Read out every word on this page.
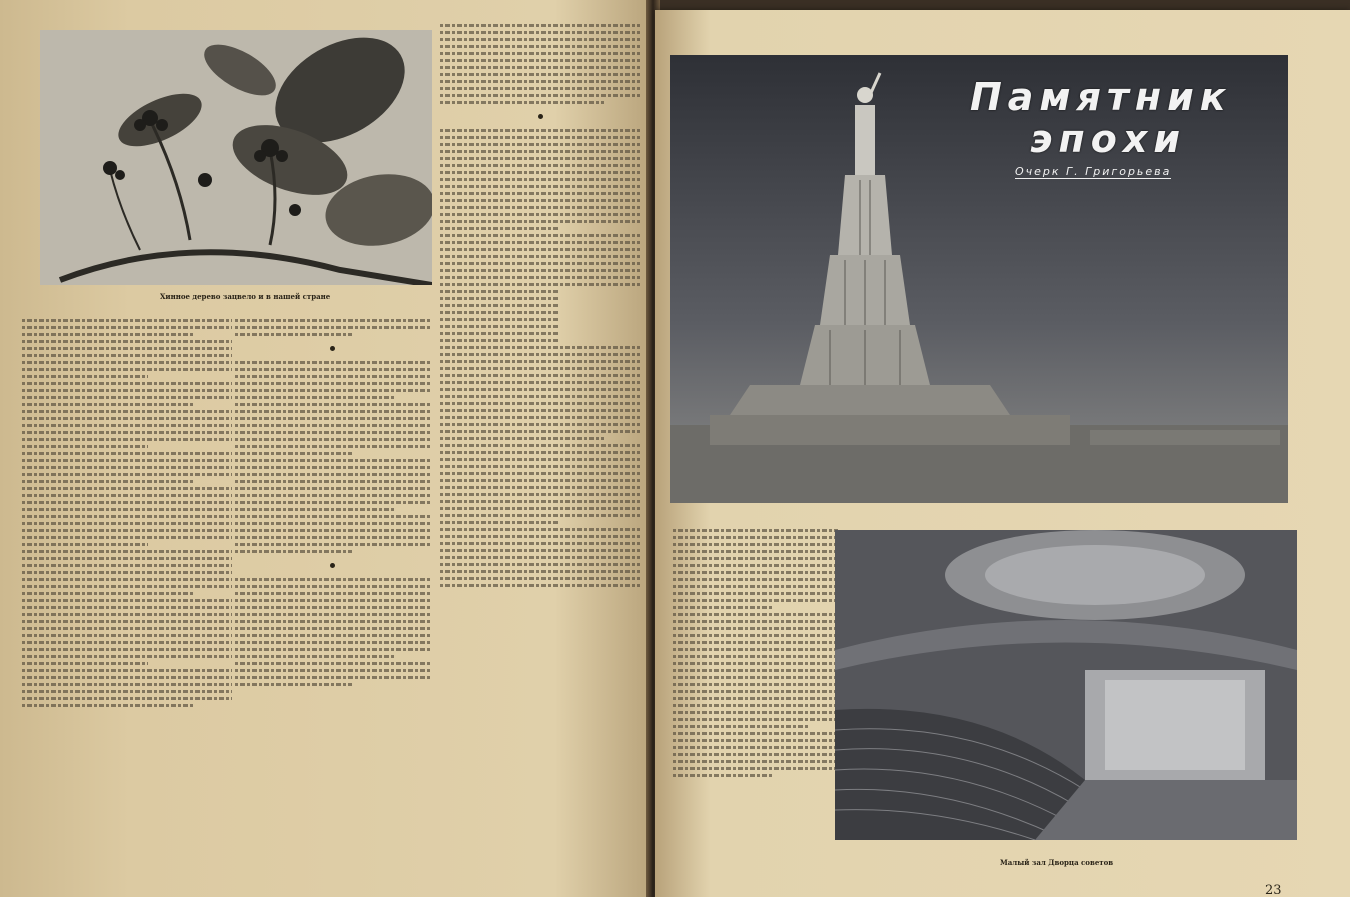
Хинное дерево зацвело и в нашей стране
Памятник
эпохи
Очерк Г. Григорьева
Малый зал Дворца советов
23
